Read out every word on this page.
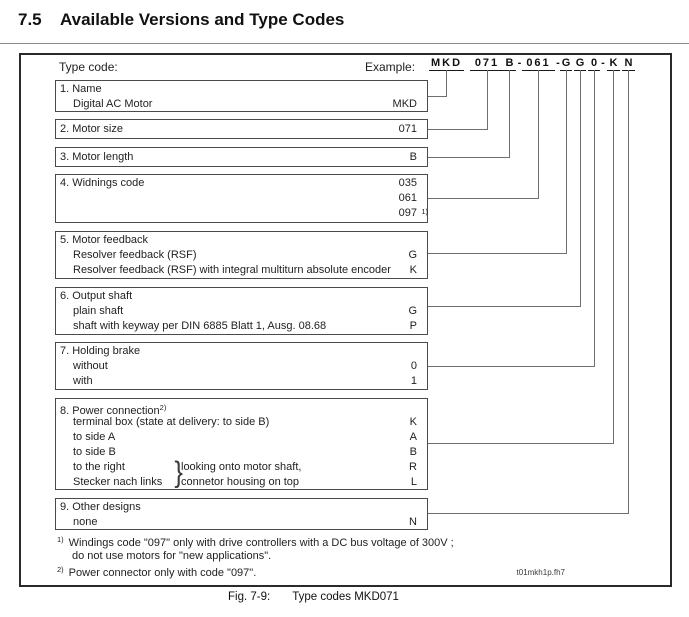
7.5 Available Versions and Type Codes
Type code:	Example: MKD	071 B - 061 - G G 0 - K N
1. Name
Digital AC Motor	MKD
2. Motor size	071
3. Motor length	B
4. Widnings code	035
061
097 1)
5. Motor feedback
Resolver feedback (RSF)	G
Resolver feedback (RSF) with integral multiturn absolute encoder K
6. Output shaft
plain shaft	G
shaft with keyway per DIN 6885 Blatt 1, Ausg. 08.68	P
7. Holding brake
without	0
with	1
8. Power connection$^{2)}$
terminal box (state at delivery: to side B)	K
to side A	A
to side B	B
to the right	looking onto motor shaft,	R
Stecker nach links connetor housing on top	L
}
9. Other designs
none	N
$^{1)}$ Windings code "097" only with drive controllers with a DC bus voltage of 300V ;
do not use motors for "new applications".
$^{2)}$ Power connector only with code "097".	t01mkh1p.fh7
Fig. 7-9: Type codes MKD071
